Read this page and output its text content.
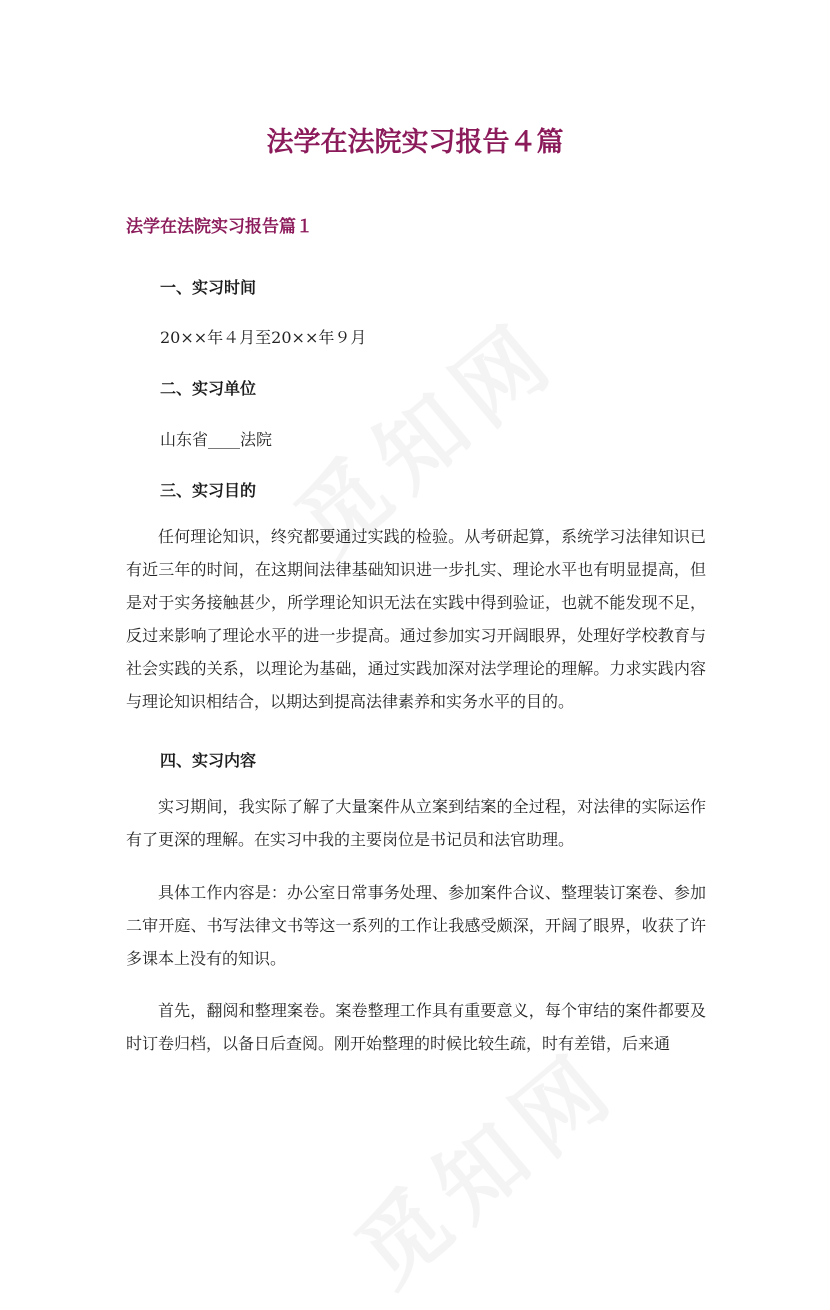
法学在法院实习报告４篇
法学在法院实习报告篇１
一、实习时间
20××年４月至20××年９月
二、实习单位
山东省____法院
三、实习目的

任何理论知识，终究都要通过实践的检验。从考研起算，系统学习法律知识已有近三年的时间，在这期间法律基础知识进一步扎实、理论水平也有明显提高，但是对于实务接触甚少，所学理论知识无法在实践中得到验证，也就不能发现不足，反过来影响了理论水平的进一步提高。通过参加实习开阔眼界，处理好学校教育与社会实践的关系，以理论为基础，通过实践加深对法学理论的理解。力求实践内容与理论知识相结合，以期达到提高法律素养和实务水平的目的。

四、实习内容

实习期间，我实际了解了大量案件从立案到结案的全过程，对法律的实际运作有了更深的理解。在实习中我的主要岗位是书记员和法官助理。

具体工作内容是：办公室日常事务处理、参加案件合议、整理装订案卷、参加二审开庭、书写法律文书等这一系列的工作让我感受颇深，开阔了眼界，收获了许多课本上没有的知识。

首先，翻阅和整理案卷。案卷整理工作具有重要意义，每个审结的案件都要及时订卷归档，以备日后查阅。刚开始整理的时候比较生疏，时有差错，后来通
